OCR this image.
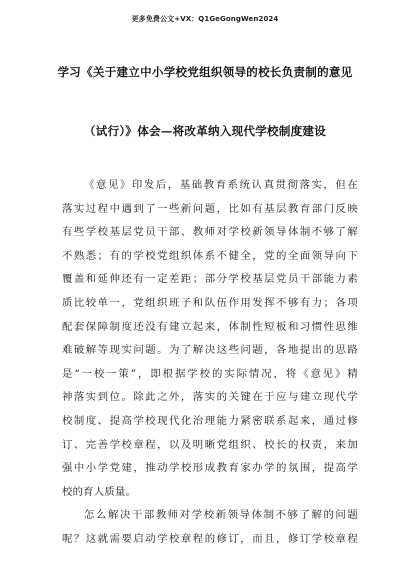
更多免费公文+VX：Q1GeGongWen2024
学习《关于建立中小学校党组织领导的校长负责制的意见
（试行）》体会—将改革纳入现代学校制度建设
《意见》印发后，基础教育系统认真贯彻落实，但在
落实过程中遇到了一些新问题，比如有基层教育部门反映
有些学校基层党员干部、教师对学校新领导体制不够了解
不熟悉；有的学校党组织体系不健全，党的全面领导向下
覆盖和延伸还有一定差距；部分学校基层党员干部能力素
质比较单一，党组织班子和队伍作用发挥不够有力；各项
配套保障制度还没有建立起来，体制性短板和习惯性思维
难破解等现实问题。为了解决这些问题，各地提出的思路
是“一校一策”，即根据学校的实际情况，将《意见》精
神落实到位。除此之外，落实的关键在于应与建立现代学
校制度、提高学校现代化治理能力紧密联系起来，通过修
订、完善学校章程，以及明晰党组织、校长的权责，来加
强中小学党建，推动学校形成教育家办学的氛围，提高学
校的育人质量。
怎么解决干部教师对学校新领导体制不够了解的问题
呢？这就需要启动学校章程的修订，而且，修订学校章程
